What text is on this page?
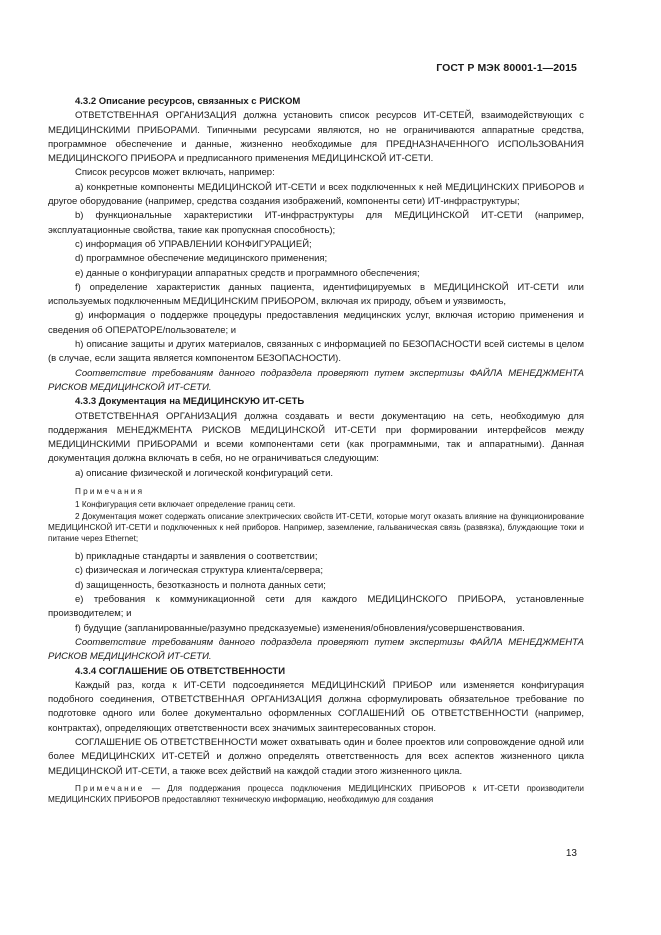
ГОСТ Р МЭК 80001-1—2015

4.3.2 Описание ресурсов, связанных с РИСКОМ

ОТВЕТСТВЕННАЯ ОРГАНИЗАЦИЯ должна установить список ресурсов ИТ-СЕТЕЙ, взаимодействующих с МЕДИЦИНСКИМИ ПРИБОРАМИ. Типичными ресурсами являются, но не ограничиваются аппаратные средства, программное обеспечение и данные, жизненно необходимые для ПРЕДНАЗНАЧЕННОГО ИСПОЛЬЗОВАНИЯ МЕДИЦИНСКОГО ПРИБОРА и предписанного применения МЕДИЦИНСКОЙ ИТ-СЕТИ.

Список ресурсов может включать, например:

a) конкретные компоненты МЕДИЦИНСКОЙ ИТ-СЕТИ и всех подключенных к ней МЕДИЦИНСКИХ ПРИБОРОВ и другое оборудование (например, средства создания изображений, компоненты сети) ИТ-инфраструктуры;

b) функциональные характеристики ИТ-инфраструктуры для МЕДИЦИНСКОЙ ИТ-СЕТИ (например, эксплуатационные свойства, такие как пропускная способность);

c) информация об УПРАВЛЕНИИ КОНФИГУРАЦИЕЙ;

d) программное обеспечение медицинского применения;

e) данные о конфигурации аппаратных средств и программного обеспечения;

f) определение характеристик данных пациента, идентифицируемых в МЕДИЦИНСКОЙ ИТ-СЕТИ или используемых подключенным МЕДИЦИНСКИМ ПРИБОРОМ, включая их природу, объем и уязвимость,

g) информация о поддержке процедуры предоставления медицинских услуг, включая историю применения и сведения об ОПЕРАТОРЕ/пользователе; и

h) описание защиты и других материалов, связанных с информацией по БЕЗОПАСНОСТИ всей системы в целом (в случае, если защита является компонентом БЕЗОПАСНОСТИ).

Соответствие требованиям данного подраздела проверяют путем экспертизы ФАЙЛА МЕНЕДЖМЕНТА РИСКОВ МЕДИЦИНСКОЙ ИТ-СЕТИ.

4.3.3 Документация на МЕДИЦИНСКУЮ ИТ-СЕТЬ

ОТВЕТСТВЕННАЯ ОРГАНИЗАЦИЯ должна создавать и вести документацию на сеть, необходимую для поддержания МЕНЕДЖМЕНТА РИСКОВ МЕДИЦИНСКОЙ ИТ-СЕТИ при формировании интерфейсов между МЕДИЦИНСКИМИ ПРИБОРАМИ и всеми компонентами сети (как программными, так и аппаратными). Данная документация должна включать в себя, но не ограничиваться следующим:

a) описание физической и логической конфигураций сети.

Примечания

1 Конфигурация сети включает определение границ сети.

2 Документация может содержать описание электрических свойств ИТ-СЕТИ, которые могут оказать влияние на функционирование МЕДИЦИНСКОЙ ИТ-СЕТИ и подключенных к ней приборов. Например, заземление, гальваническая связь (развязка), блуждающие токи и питание через Ethernet;

b) прикладные стандарты и заявления о соответствии;

c) физическая и логическая структура клиента/сервера;

d) защищенность, безотказность и полнота данных сети;

e) требования к коммуникационной сети для каждого МЕДИЦИНСКОГО ПРИБОРА, установленные производителем; и

f) будущие (запланированные/разумно предсказуемые) изменения/обновления/усовершенствования.

Соответствие требованиям данного подраздела проверяют путем экспертизы ФАЙЛА МЕНЕДЖМЕНТА РИСКОВ МЕДИЦИНСКОЙ ИТ-СЕТИ.

4.3.4 СОГЛАШЕНИЕ ОБ ОТВЕТСТВЕННОСТИ

Каждый раз, когда к ИТ-СЕТИ подсоединяется МЕДИЦИНСКИЙ ПРИБОР или изменяется конфигурация подобного соединения, ОТВЕТСТВЕННАЯ ОРГАНИЗАЦИЯ должна сформулировать обязательное требование по подготовке одного или более документально оформленных СОГЛАШЕНИЙ ОБ ОТВЕТСТВЕННОСТИ (например, контрактах), определяющих ответственности всех значимых заинтересованных сторон.

СОГЛАШЕНИЕ ОБ ОТВЕТСТВЕННОСТИ может охватывать один и более проектов или сопровождение одной или более МЕДИЦИНСКИХ ИТ-СЕТЕЙ и должно определять ответственность для всех аспектов жизненного цикла МЕДИЦИНСКОЙ ИТ-СЕТИ, а также всех действий на каждой стадии этого жизненного цикла.

Примечание — Для поддержания процесса подключения МЕДИЦИНСКИХ ПРИБОРОВ к ИТ-СЕТИ производители МЕДИЦИНСКИХ ПРИБОРОВ предоставляют техническую информацию, необходимую для создания

13
